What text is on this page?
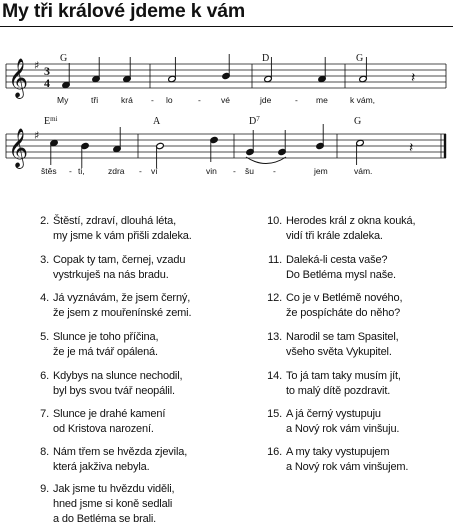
My tři králové jdeme k vám
𝄞 ♯ 3
4
G	D	G
𝄽
My	tři	krá - lo	- vé	jde	- me	k vám,
𝄞 ♯
$E^{mi}$	A	$D^7$	G
𝄽
štěs - ti,	zdra - ví	vin - šu -	jem	vám.
2. Štěstí, zdraví, dlouhá léta,
my jsme k vám přišli zdaleka.
3. Copak ty tam, černej, vzadu
vystrkuješ na nás bradu.
4. Já vyznávám, že jsem černý,
že jsem z mouřenínské zemi.
5. Slunce je toho příčina,
že je má tvář opálená.
6. Kdybys na slunce nechodil,
byl bys svou tvář neopálil.
7. Slunce je drahé kamení
od Kristova narození.
8. Nám třem se hvězda zjevila,
která jakživa nebyla.
9. Jak jsme tu hvězdu viděli,
hned jsme si koně sedlali
a do Betléma se brali.
10. Herodes král z okna kouká,
vidí tři krále zdaleka.
11. Daleká-li cesta vaše?
Do Betléma mysl naše.
12. Co je v Betlémě nového,
že pospícháte do něho?
13. Narodil se tam Spasitel,
všeho světa Vykupitel.
14. To já tam taky musím jít,
to malý dítě pozdravit.
15. A já černý vystupuju
a Nový rok vám vinšuju.
16. A my taky vystupujem
a Nový rok vám vinšujem.
